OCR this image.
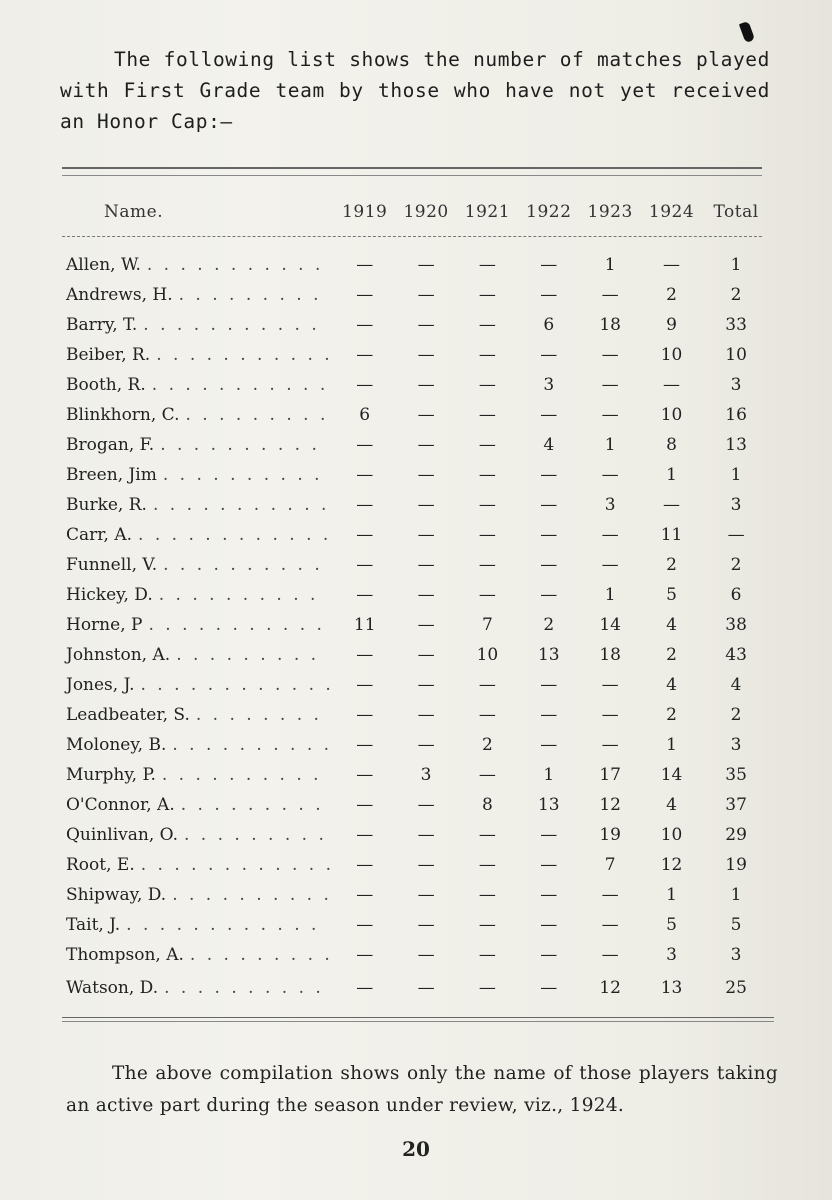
The following list shows the number of matches played with First Grade team by those who have not yet received an Honor Cap:—
Name.	1919	1920	1921	1922	1923	1924	Total

Allen, W. . . . . . . . . . . .	—	—	—	—	1	—	1
Andrews, H. . . . . . . . . .	—	—	—	—	—	2	2
Barry, T. . . . . . . . . . . .	—	—	—	6	18	9	33
Beiber, R. . . . . . . . . . . .	—	—	—	—	—	10	10
Booth, R. . . . . . . . . . . .	—	—	—	3	—	—	3
Blinkhorn, C. . . . . . . . . .	6	—	—	—	—	10	16
Brogan, F. . . . . . . . . . .	—	—	—	4	1	8	13
Breen, Jim . . . . . . . . . .	—	—	—	—	—	1	1
Burke, R. . . . . . . . . . . .	—	—	—	—	3	—	3
Carr, A. . . . . . . . . . . . .	—	—	—	—	—	11	—
Funnell, V. . . . . . . . . . .	—	—	—	—	—	2	2
Hickey, D. . . . . . . . . . .	—	—	—	—	1	5	6
Horne, P . . . . . . . . . . .	11	—	7	2	14	4	38
Johnston, A. . . . . . . . . .	—	—	10	13	18	2	43
Jones, J. . . . . . . . . . . . .	—	—	—	—	—	4	4
Leadbeater, S. . . . . . . . .	—	—	—	—	—	2	2
Moloney, B. . . . . . . . . . .	—	—	2	—	—	1	3
Murphy, P. . . . . . . . . . .	—	3	—	1	17	14	35
O'Connor, A. . . . . . . . . .	—	—	8	13	12	4	37
Quinlivan, O. . . . . . . . . .	—	—	—	—	19	10	29
Root, E. . . . . . . . . . . . .	—	—	—	—	7	12	19
Shipway, D. . . . . . . . . . .	—	—	—	—	—	1	1
Tait, J. . . . . . . . . . . . .	—	—	—	—	—	5	5
Thompson, A. . . . . . . . . .	—	—	—	—	—	3	3
Watson, D. . . . . . . . . . .	—	—	—	—	12	13	25
The above compilation shows only the name of those players taking an active part during the season under review, viz., 1924.
20
